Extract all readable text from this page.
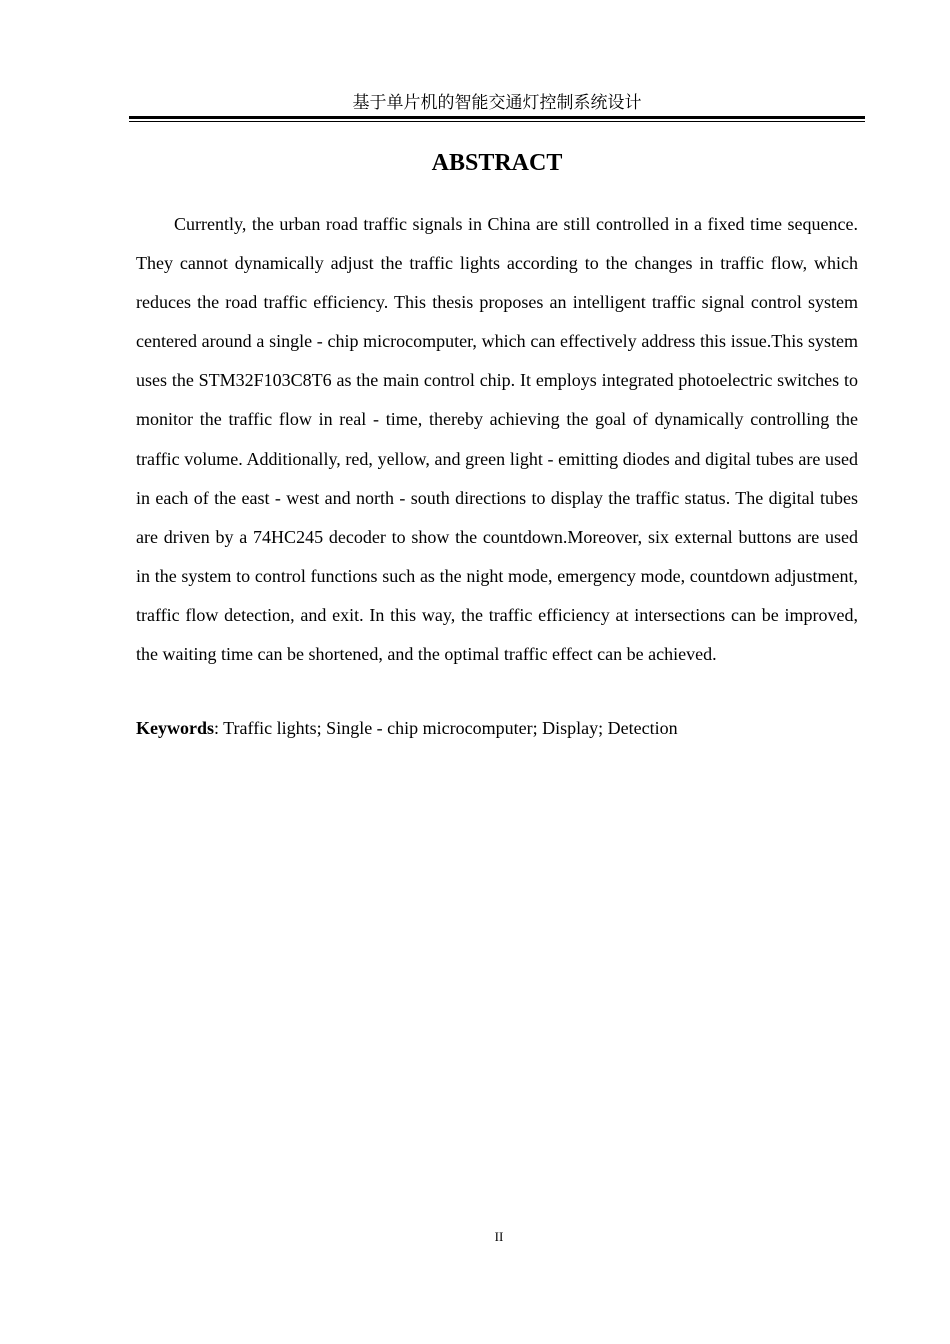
基于单片机的智能交通灯控制系统设计
ABSTRACT

Currently, the urban road traffic signals in China are still controlled in a fixed time sequence. They cannot dynamically adjust the traffic lights according to the changes in traffic flow, which reduces the road traffic efficiency. This thesis proposes an intelligent traffic signal control system centered around a single - chip microcomputer, which can effectively address this issue.This system uses the STM32F103C8T6 as the main control chip. It employs integrated photoelectric switches to monitor the traffic flow in real - time, thereby achieving the goal of dynamically controlling the traffic volume. Additionally, red, yellow, and green light - emitting diodes and digital tubes are used in each of the east - west and north - south directions to display the traffic status. The digital tubes are driven by a 74HC245 decoder to show the countdown.Moreover, six external buttons are used in the system to control functions such as the night mode, emergency mode, countdown adjustment, traffic flow detection, and exit. In this way, the traffic efficiency at intersections can be improved, the waiting time can be shortened, and the optimal traffic effect can be achieved.

Keywords: Traffic lights; Single - chip microcomputer; Display; Detection

II
